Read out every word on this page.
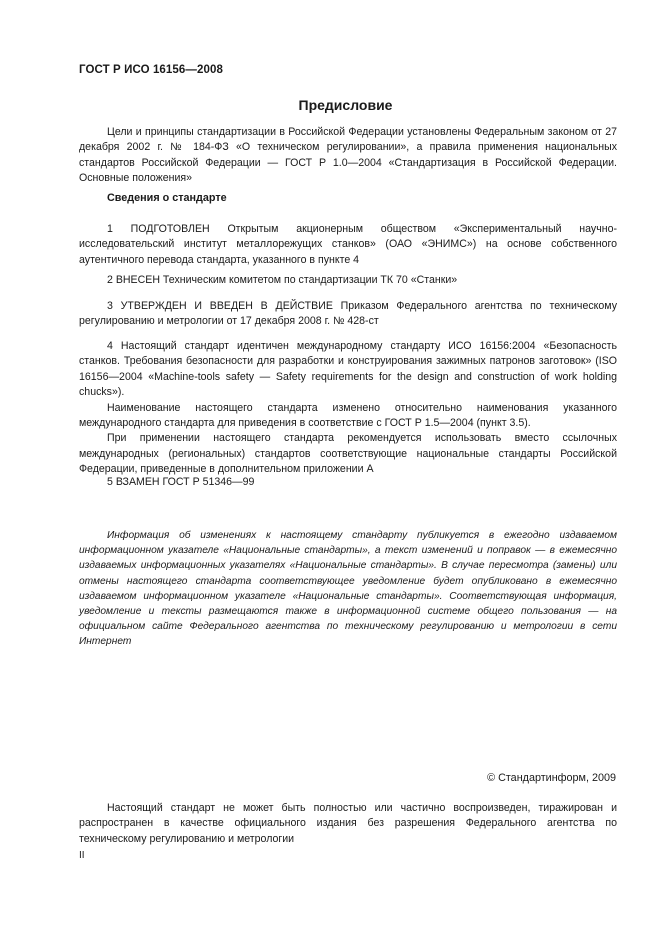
ГОСТ Р ИСО 16156—2008
Предисловие

Цели и принципы стандартизации в Российской Федерации установлены Федеральным законом от 27 декабря 2002 г. № 184-ФЗ «О техническом регулировании», а правила применения национальных стандартов Российской Федерации — ГОСТ Р 1.0—2004 «Стандартизация в Российской Федерации. Основные положения»

Сведения о стандарте

1 ПОДГОТОВЛЕН Открытым акционерным обществом «Экспериментальный научно-исследовательский институт металлорежущих станков» (ОАО «ЭНИМС») на основе собственного аутентичного перевода стандарта, указанного в пункте 4

2 ВНЕСЕН Техническим комитетом по стандартизации ТК 70 «Станки»

3 УТВЕРЖДЕН И ВВЕДЕН В ДЕЙСТВИЕ Приказом Федерального агентства по техническому регулированию и метрологии от 17 декабря 2008 г. № 428-ст

4 Настоящий стандарт идентичен международному стандарту ИСО 16156:2004 «Безопасность станков. Требования безопасности для разработки и конструирования зажимных патронов заготовок» (ISO 16156—2004 «Machine-tools safety — Safety requirements for the design and construction of work holding chucks»).

Наименование настоящего стандарта изменено относительно наименования указанного международного стандарта для приведения в соответствие с ГОСТ Р 1.5—2004 (пункт 3.5).

При применении настоящего стандарта рекомендуется использовать вместо ссылочных международных (региональных) стандартов соответствующие национальные стандарты Российской Федерации, приведенные в дополнительном приложении А

5 ВЗАМЕН ГОСТ Р 51346—99

Информация об изменениях к настоящему стандарту публикуется в ежегодно издаваемом информационном указателе «Национальные стандарты», а текст изменений и поправок — в ежемесячно издаваемых информационных указателях «Национальные стандарты». В случае пересмотра (замены) или отмены настоящего стандарта соответствующее уведомление будет опубликовано в ежемесячно издаваемом информационном указателе «Национальные стандарты». Соответствующая информация, уведомление и тексты размещаются также в информационной системе общего пользования — на официальном сайте Федерального агентства по техническому регулированию и метрологии в сети Интернет

© Стандартинформ, 2009

Настоящий стандарт не может быть полностью или частично воспроизведен, тиражирован и распространен в качестве официального издания без разрешения Федерального агентства по техническому регулированию и метрологии

II
